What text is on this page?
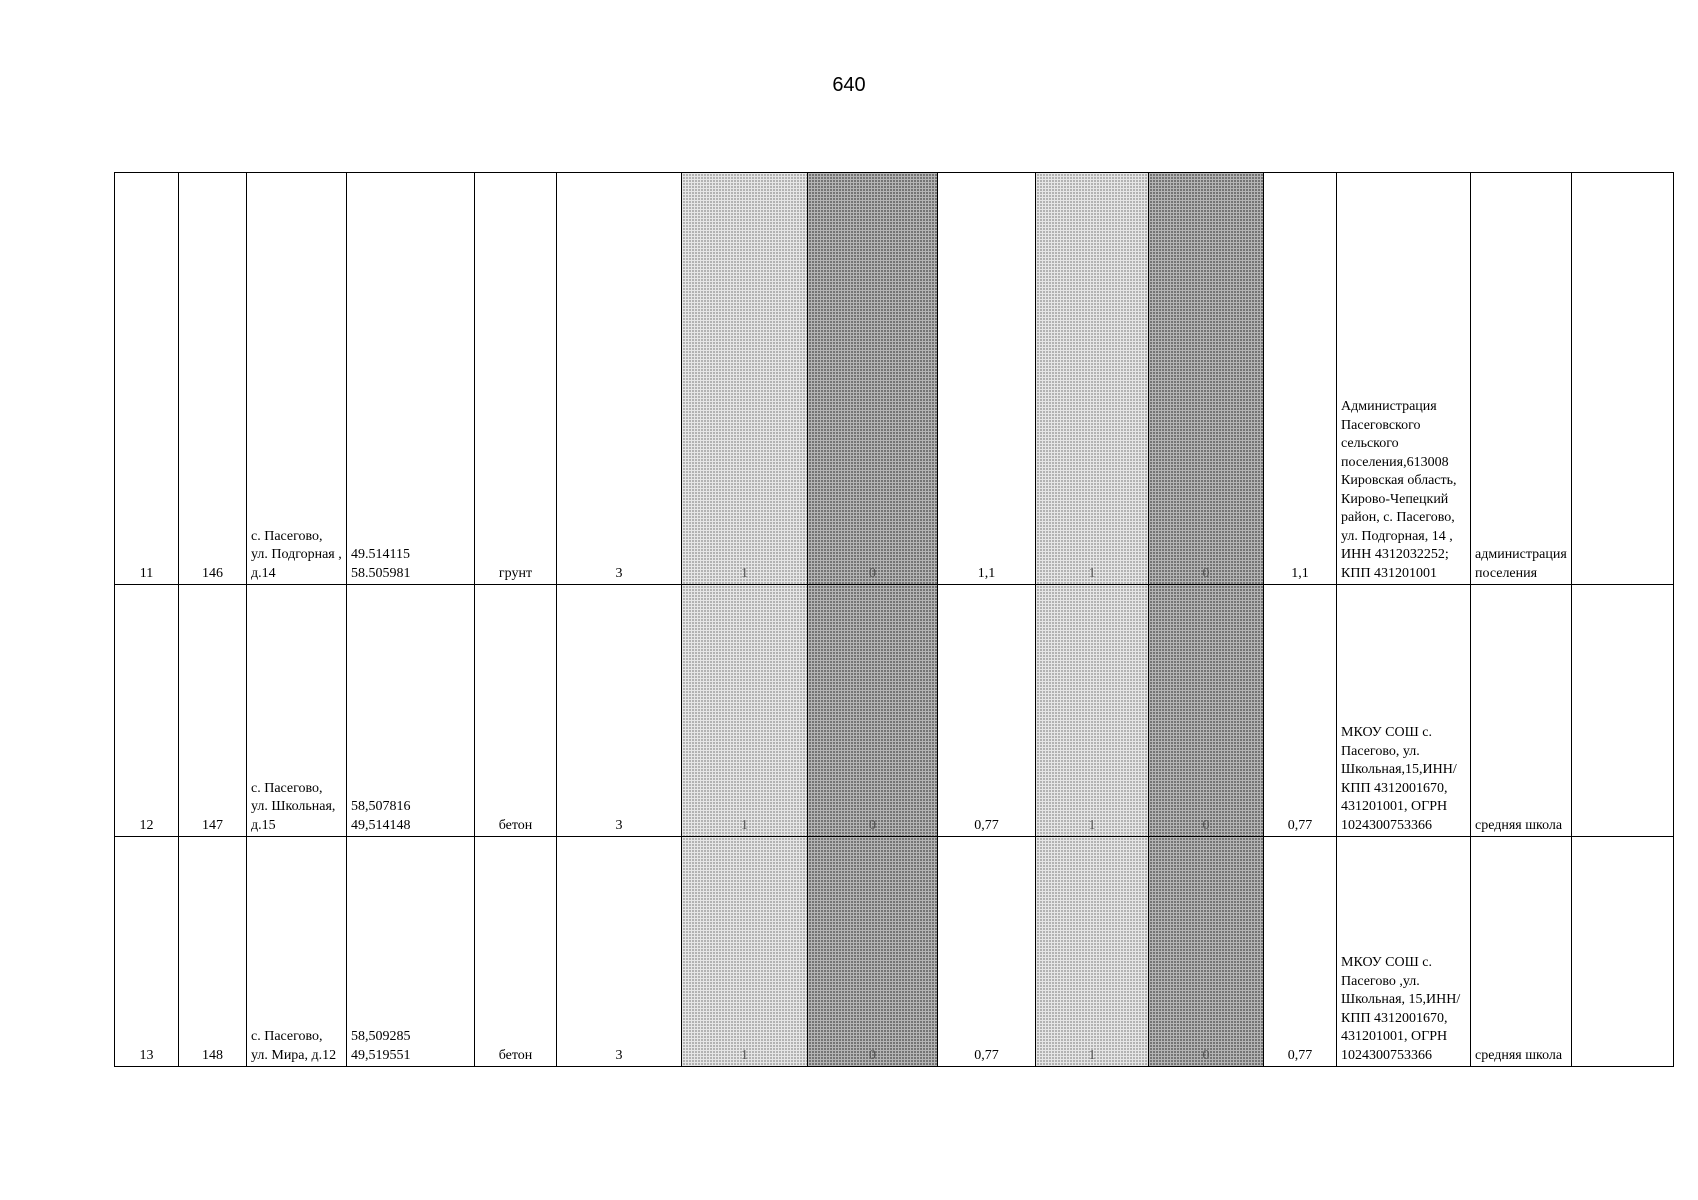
640
11	146	с. Пасегово, ул. Подгорная , д.14	49.514115 58.505981	грунт	3	1	0	1,1	1	0	1,1	Администрация Пасеговского сельского поселения,613008 Кировская область, Кирово-Чепецкий район, с. Пасегово, ул. Подгорная, 14 , ИНН 4312032252; КПП 431201001	администрация поселения	
12	147	с. Пасегово, ул. Школьная, д.15	58,507816 49,514148	бетон	3	1	0	0,77	1	0	0,77	МКОУ СОШ с. Пасегово, ул. Школьная,15,ИНН/КПП 4312001670, 431201001, ОГРН 1024300753366	средняя школа	
13	148	с. Пасегово, ул. Мира, д.12	58,509285 49,519551	бетон	3	1	0	0,77	1	0	0,77	МКОУ СОШ с. Пасегово ,ул. Школьная, 15,ИНН/КПП 4312001670, 431201001, ОГРН 1024300753366	средняя школа	
